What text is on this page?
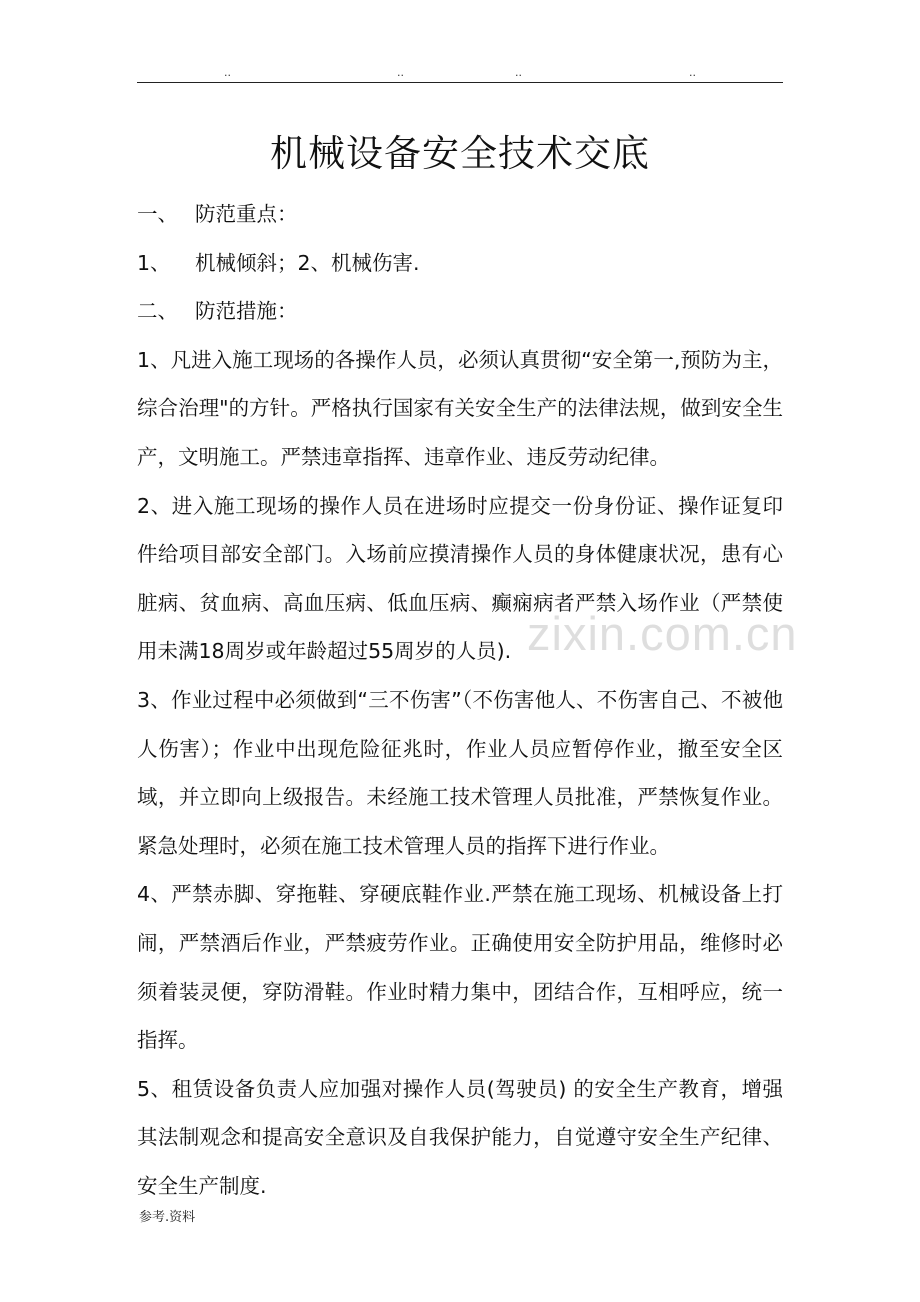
..	..	..	..
机械设备安全技术交底

一、 防范重点：

1、 机械倾斜；2、机械伤害.

二、 防范措施：

1、凡进入施工现场的各操作人员，必须认真贯彻“安全第一,预防为主，综合治理"的方针。严格执行国家有关安全生产的法律法规，做到安全生产，文明施工。严禁违章指挥、违章作业、违反劳动纪律。

2、进入施工现场的操作人员在进场时应提交一份身份证、操作证复印件给项目部安全部门。入场前应摸清操作人员的身体健康状况，患有心脏病、贫血病、高血压病、低血压病、癫痫病者严禁入场作业（严禁使用未满18周岁或年龄超过55周岁的人员).

3、作业过程中必须做到“三不伤害”（不伤害他人、不伤害自己、不被他人伤害）；作业中出现危险征兆时，作业人员应暂停作业，撤至安全区域，并立即向上级报告。未经施工技术管理人员批准，严禁恢复作业。紧急处理时，必须在施工技术管理人员的指挥下进行作业。

4、严禁赤脚、穿拖鞋、穿硬底鞋作业.严禁在施工现场、机械设备上打闹，严禁酒后作业，严禁疲劳作业。正确使用安全防护用品，维修时必须着装灵便，穿防滑鞋。作业时精力集中，团结合作，互相呼应，统一指挥。

5、租赁设备负责人应加强对操作人员(驾驶员) 的安全生产教育，增强其法制观念和提高安全意识及自我保护能力，自觉遵守安全生产纪律、安全生产制度.

zixin.com.cn
参考.资料
